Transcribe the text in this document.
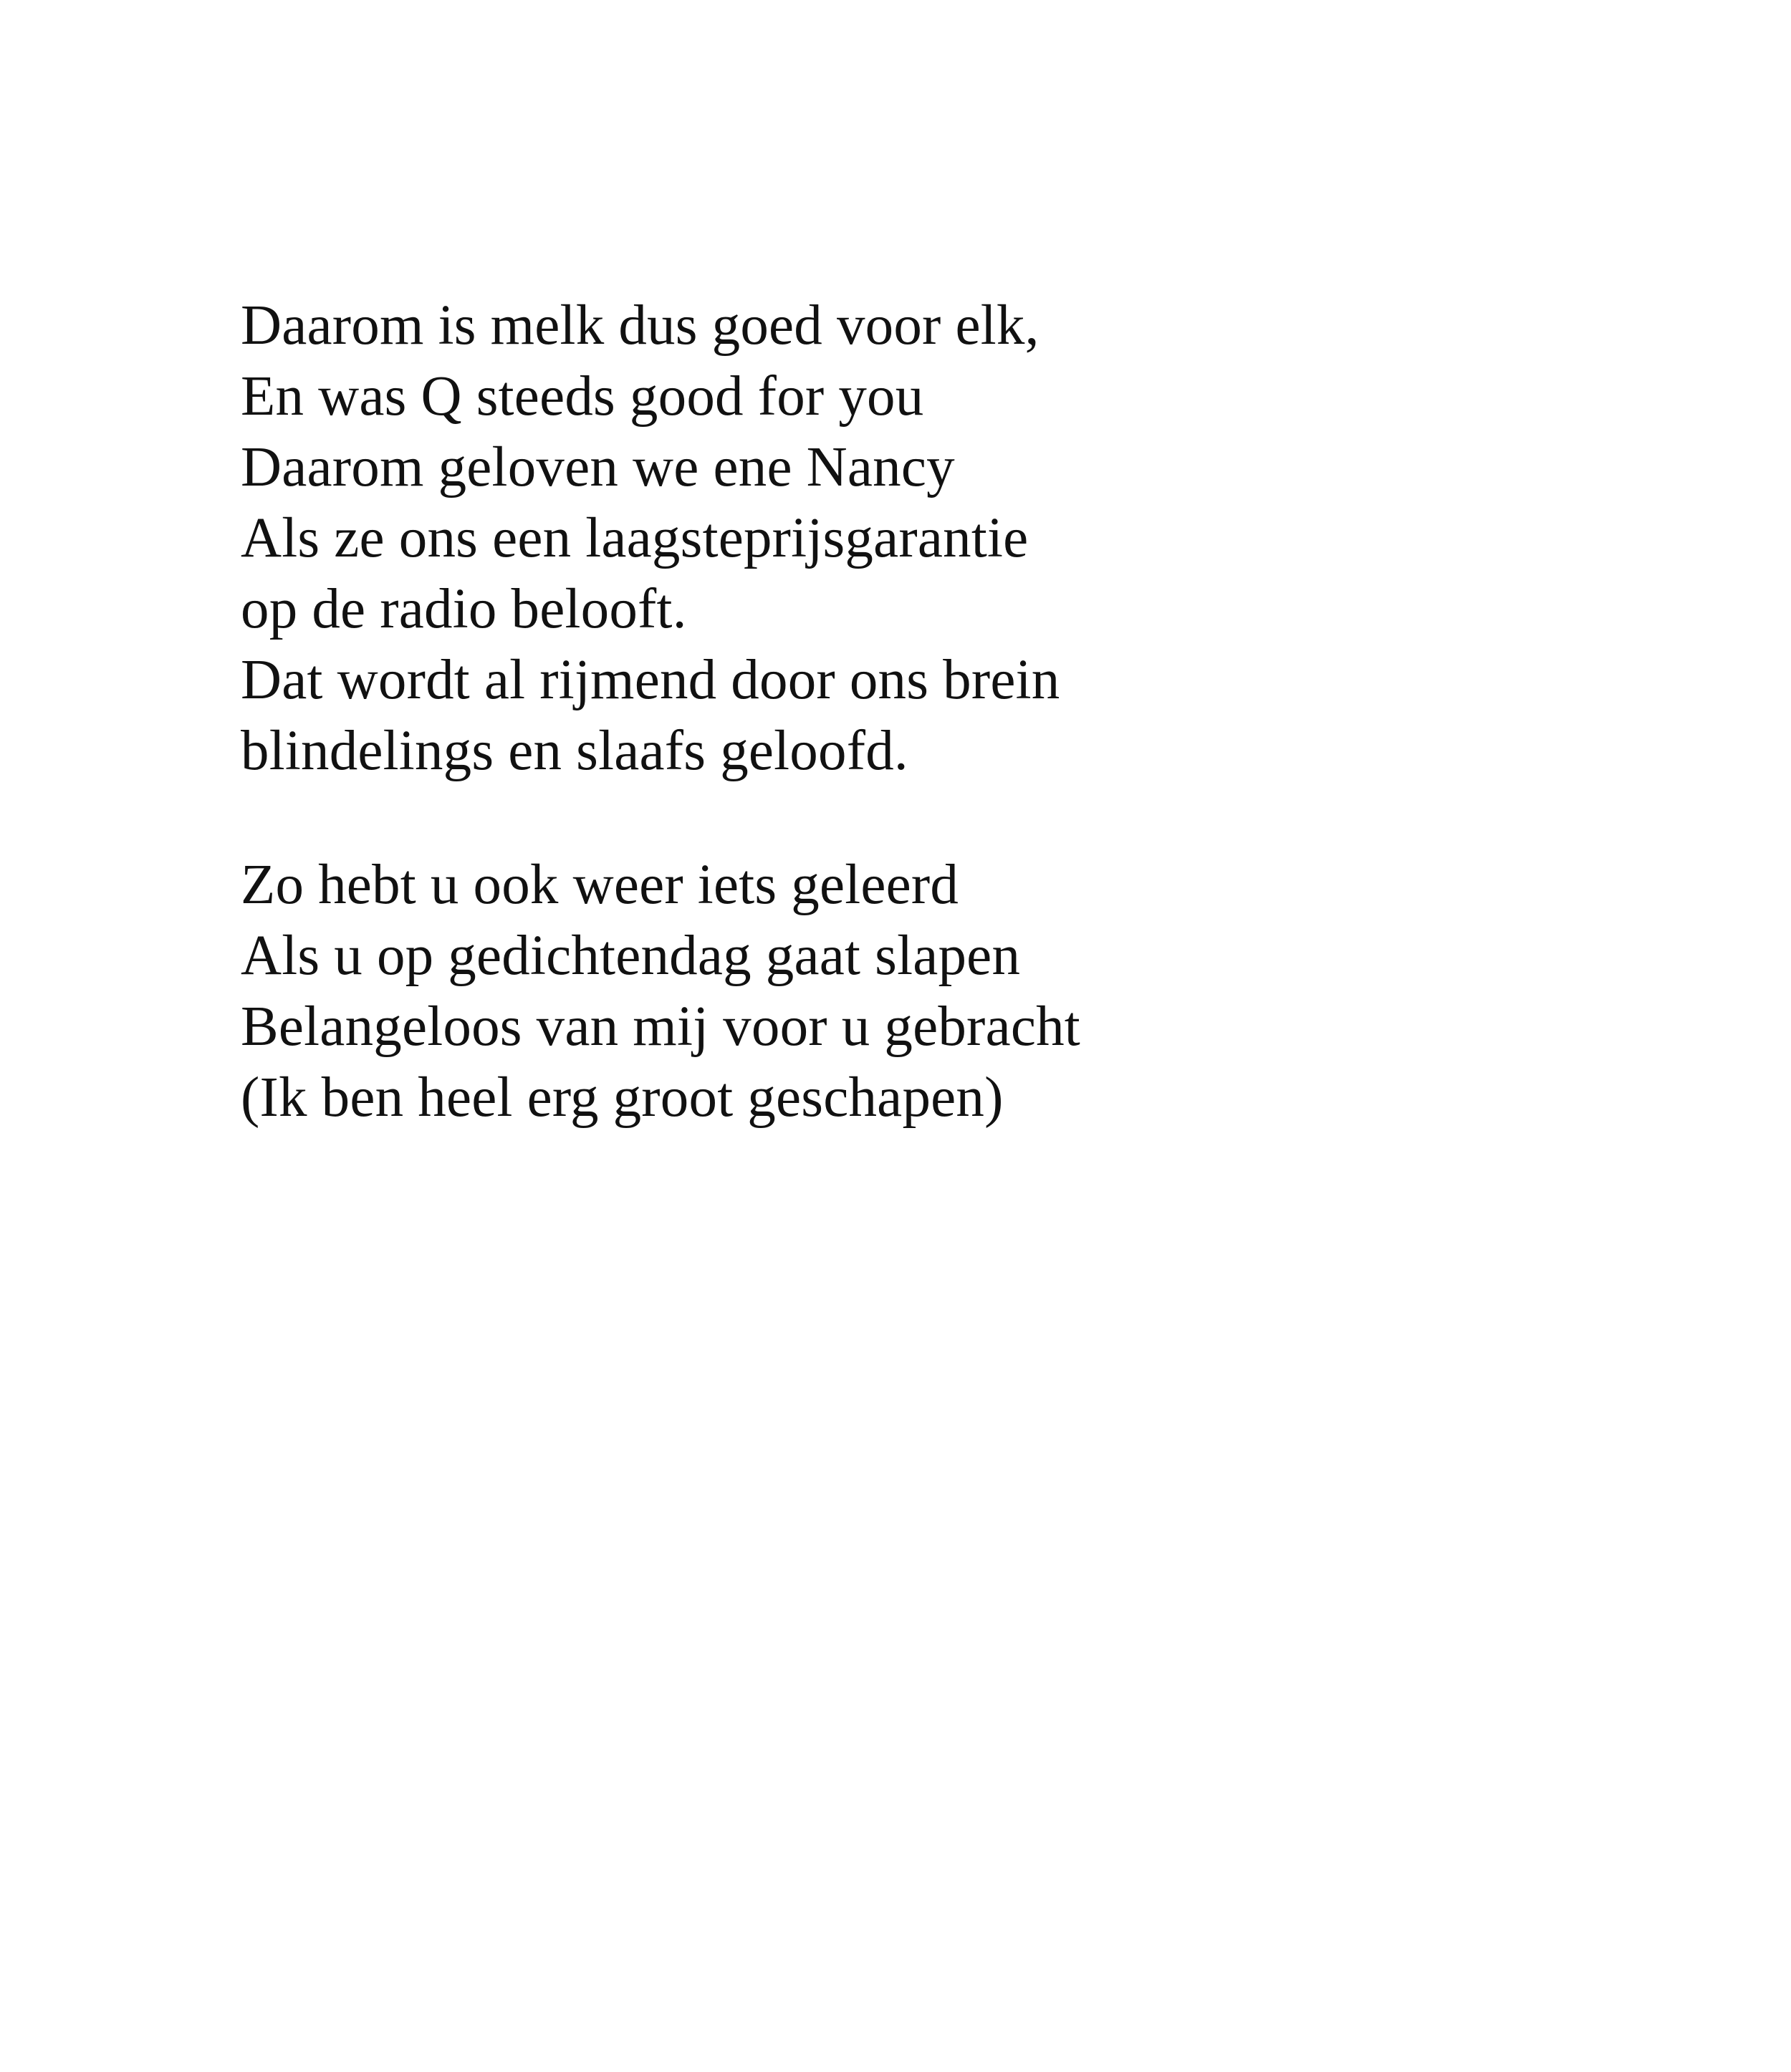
Daarom is melk dus goed voor elk,
En was Q steeds good for you
Daarom geloven we ene Nancy
Als ze ons een laagsteprijsgarantie
op de radio belooft.
Dat wordt al rijmend door ons brein
blindelings en slaafs geloofd.
Zo hebt u ook weer iets geleerd
Als u op gedichtendag gaat slapen
Belangeloos van mij voor u gebracht
(Ik ben heel erg groot geschapen)
